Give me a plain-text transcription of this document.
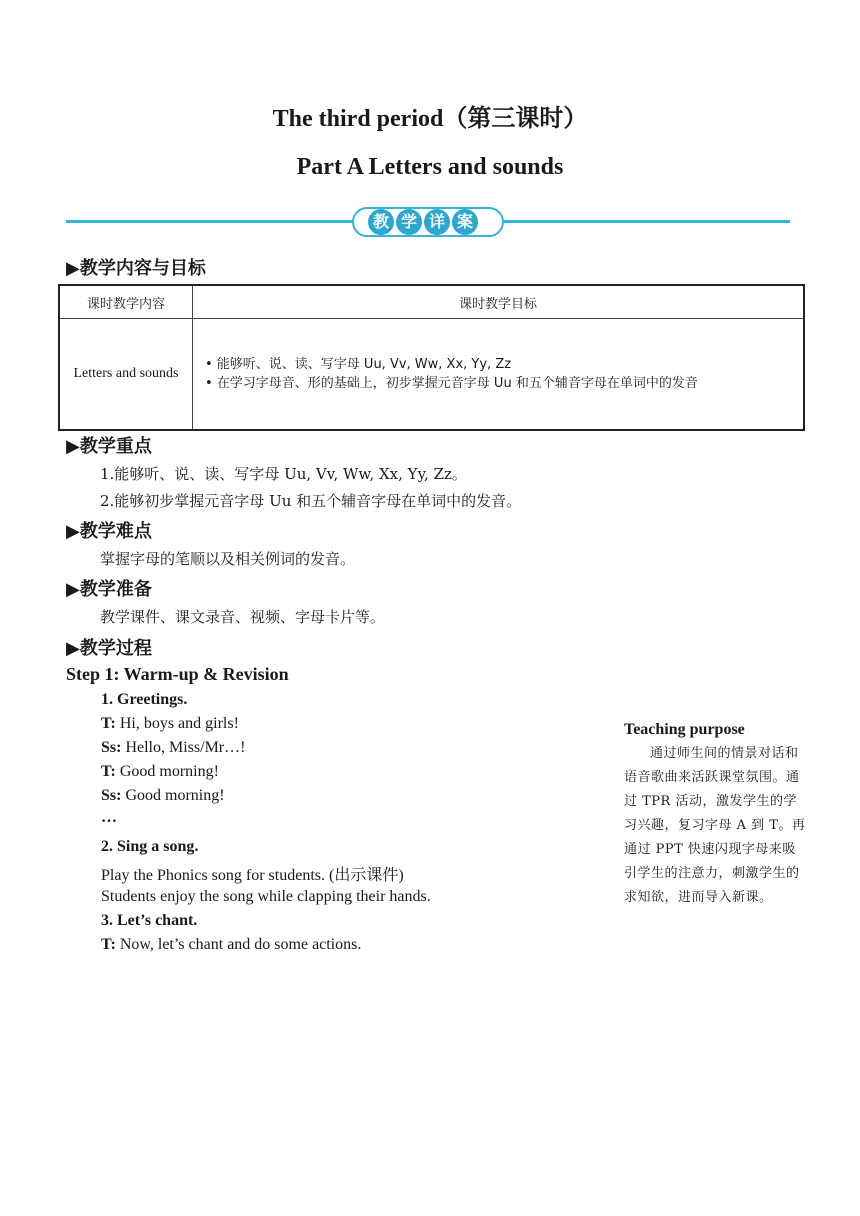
The third period（第三课时）
Part A Letters and sounds
教 学 详 案
▶教学内容与目标
课时教学内容	课时教学目标
Letters and sounds	• 能够听、说、读、写字母 Uu, Vv, Ww, Xx, Yy, Zz
• 在学习字母音、形的基础上，初步掌握元音字母 Uu 和五个辅音字母在单词中的发音
▶教学重点
1.能够听、说、读、写字母 Uu, Vv, Ww, Xx, Yy, Zz。
2.能够初步掌握元音字母 Uu 和五个辅音字母在单词中的发音。
▶教学难点
掌握字母的笔顺以及相关例词的发音。
▶教学准备
教学课件、课文录音、视频、字母卡片等。
▶教学过程
Step 1: Warm-up & Revision
1. Greetings.
T: Hi, boys and girls!
Ss: Hello, Miss/Mr…!
T: Good morning!
Ss: Good morning!
…
2. Sing a song.
Play the Phonics song for students. (出示课件)
Students enjoy the song while clapping their hands.
3. Let’s chant.
T: Now, let’s chant and do some actions.
Teaching purpose
通过师生间的情景对话和语音歌曲来活跃课堂氛围。通过 TPR 活动，激发学生的学习兴趣，复习字母 A 到 T。再通过 PPT 快速闪现字母来吸引学生的注意力，刺激学生的求知欲，进而导入新课。
